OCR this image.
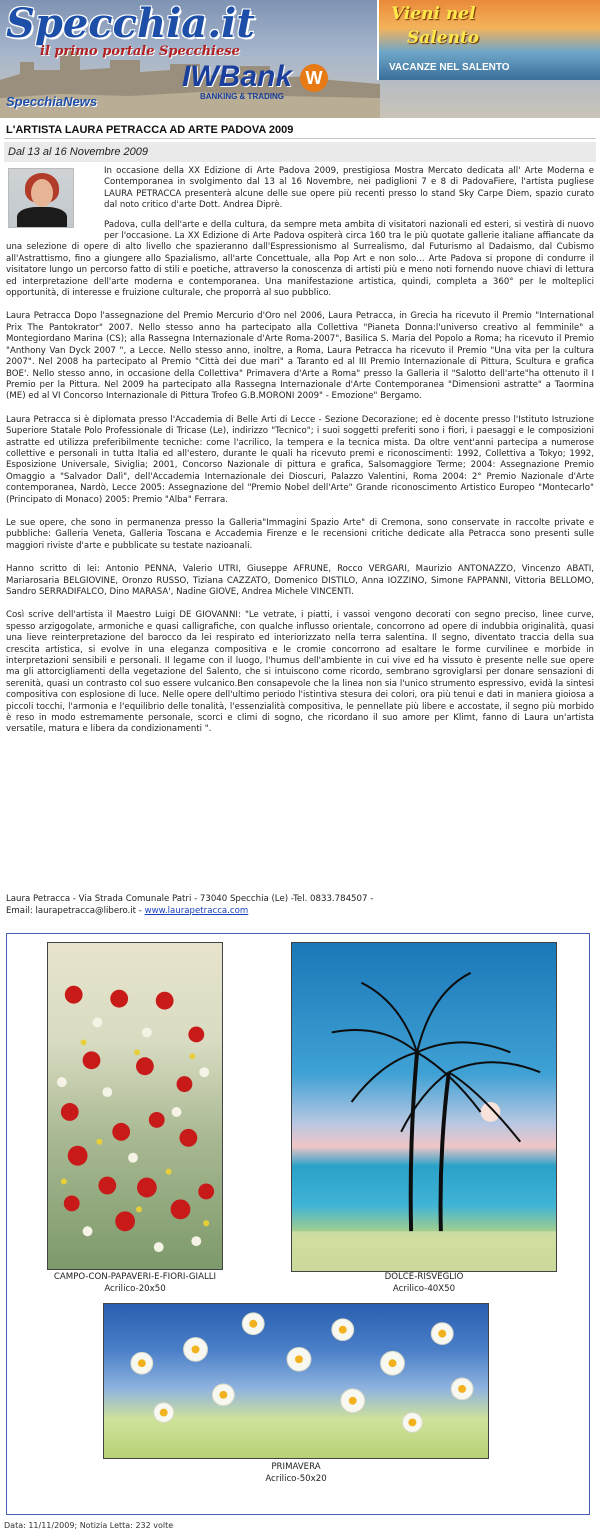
Specchia.it
il primo portale Specchiese
Vieni nel
Salento
VACANZE NEL SALENTO
IWBank W
BANKING & TRADING
SpecchiaNews
L'ARTISTA LAURA PETRACCA AD ARTE PADOVA 2009
Dal 13 al 16 Novembre 2009

In occasione della XX Edizione di Arte Padova 2009, prestigiosa Mostra Mercato dedicata all' Arte Moderna e Contemporanea in svolgimento dal 13 al 16 Novembre, nei padiglioni 7 e 8 di PadovaFiere, l'artista pugliese LAURA PETRACCA presenterà alcune delle sue opere più recenti presso lo stand Sky Carpe Diem, spazio curato dal noto critico d'arte Dott. Andrea Diprè.

Padova, culla dell'arte e della cultura, da sempre meta ambita di visitatori nazionali ed esteri, si vestirà di nuovo per l'occasione. La XX Edizione di Arte Padova ospiterà circa 160 tra le più quotate gallerie italiane affiancate da una selezione di opere di alto livello che spazieranno dall'Espressionismo al Surrealismo, dal Futurismo al Dadaismo, dal Cubismo all'Astrattismo, fino a giungere allo Spazialismo, all'arte Concettuale, alla Pop Art e non solo… Arte Padova si propone di condurre il visitatore lungo un percorso fatto di stili e poetiche, attraverso la conoscenza di artisti più e meno noti fornendo nuove chiavi di lettura ed interpretazione dell'arte moderna e contemporanea. Una manifestazione artistica, quindi, completa a 360° per le molteplici opportunità, di interesse e fruizione culturale, che proporrà al suo pubblico.

Laura Petracca Dopo l'assegnazione del Premio Mercurio d'Oro nel 2006, Laura Petracca, in Grecia ha ricevuto il Premio "International Prix The Pantokrator" 2007. Nello stesso anno ha partecipato alla Collettiva "Pianeta Donna:l'universo creativo al femminile" a Montegiordano Marina (CS); alla Rassegna Internazionale d'Arte Roma-2007", Basilica S. Maria del Popolo a Roma; ha ricevuto il Premio "Anthony Van Dyck 2007 ", a Lecce. Nello stesso anno, inoltre, a Roma, Laura Petracca ha ricevuto il Premio "Una vita per la cultura 2007". Nel 2008 ha partecipato al Premio "Città dei due mari" a Taranto ed al III Premio Internazionale di Pittura, Scultura e grafica BOE'. Nello stesso anno, in occasione della Collettiva" Primavera d'Arte a Roma" presso la Galleria il "Salotto dell'arte"ha ottenuto il I Premio per la Pittura. Nel 2009 ha partecipato alla Rassegna Internazionale d'Arte Contemporanea "Dimensioni astratte" a Taormina (ME) ed al VI Concorso Internazionale di Pittura Trofeo G.B.MORONI 2009" - Emozione" Bergamo.

Laura Petracca si è diplomata presso l'Accademia di Belle Arti di Lecce - Sezione Decorazione; ed è docente presso l'Istituto Istruzione Superiore Statale Polo Professionale di Tricase (Le), indirizzo "Tecnico"; i suoi soggetti preferiti sono i fiori, i paesaggi e le composizioni astratte ed utilizza preferibilmente tecniche: come l'acrilico, la tempera e la tecnica mista. Da oltre vent'anni partecipa a numerose collettive e personali in tutta Italia ed all'estero, durante le quali ha ricevuto premi e riconoscimenti: 1992, Collettiva a Tokyo; 1992, Esposizione Universale, Siviglia; 2001, Concorso Nazionale di pittura e grafica, Salsomaggiore Terme; 2004: Assegnazione Premio Omaggio a "Salvador Dalì", dell'Accademia Internazionale dei Dioscuri, Palazzo Valentini, Roma 2004: 2° Premio Nazionale d'Arte contemporanea, Nardò, Lecce 2005: Assegnazione del "Premio Nobel dell'Arte" Grande riconoscimento Artistico Europeo "Montecarlo" (Principato di Monaco) 2005: Premio "Alba" Ferrara.

Le sue opere, che sono in permanenza presso la Galleria"Immagini Spazio Arte" di Cremona, sono conservate in raccolte private e pubbliche: Galleria Veneta, Galleria Toscana e Accademia Firenze e le recensioni critiche dedicate alla Petracca sono presenti sulle maggiori riviste d'arte e pubblicate su testate nazioanali.

Hanno scritto di lei: Antonio PENNA, Valerio UTRI, Giuseppe AFRUNE, Rocco VERGARI, Maurizio ANTONAZZO, Vincenzo ABATI, Mariarosaria BELGIOVINE, Oronzo RUSSO, Tiziana CAZZATO, Domenico DISTILO, Anna IOZZINO, Simone FAPPANNI, Vittoria BELLOMO, Sandro SERRADIFALCO, Dino MARASA', Nadine GIOVE, Andrea Michele VINCENTI.

Così scrive dell'artista il Maestro Luigi DE GIOVANNI: "Le vetrate, i piatti, i vassoi vengono decorati con segno preciso, linee curve, spesso arzigogolate, armoniche e quasi calligrafiche, con qualche influsso orientale, concorrono ad opere di indubbia originalità, quasi una lieve reinterpretazione del barocco da lei respirato ed interiorizzato nella terra salentina. Il segno, diventato traccia della sua crescita artistica, si evolve in una eleganza compositiva e le cromie concorrono ad esaltare le forme curvilinee e morbide in interpretazioni sensibili e personali. Il legame con il luogo, l'humus dell'ambiente in cui vive ed ha vissuto è presente nelle sue opere ma gli attorcigliamenti della vegetazione del Salento, che si intuiscono come ricordo, sembrano sgroviglarsi per donare sensazioni di serenità, quasi un contrasto col suo essere vulcanico.Ben consapevole che la linea non sia l'unico strumento espressivo, evidà la sintesi compositiva con esplosione di luce. Nelle opere dell'ultimo periodo l'istintiva stesura dei colori, ora più tenui e dati in maniera gioiosa a piccoli tocchi, l'armonia e l'equilibrio delle tonalità, l'essenzialità compositiva, le pennellate più libere e accostate, il segno più morbido è reso in modo estremamente personale, scorci e climi di sogno, che ricordano il suo amore per Klimt, fanno di Laura un'artista versatile, matura e libera da condizionamenti ".

Laura Petracca - Via Strada Comunale Patri - 73040 Specchia (Le) -Tel. 0833.784507 -
Email: laurapetracca@libero.it - www.laurapetracca.com
CAMPO-CON-PAPAVERI-E-FIORI-GIALLI
Acrilico-20x50
DOLCE-RISVEGLIO
Acrilico-40X50
PRIMAVERA
Acrilico-50x20
Data: 11/11/2009; Notizia Letta: 232 volte
